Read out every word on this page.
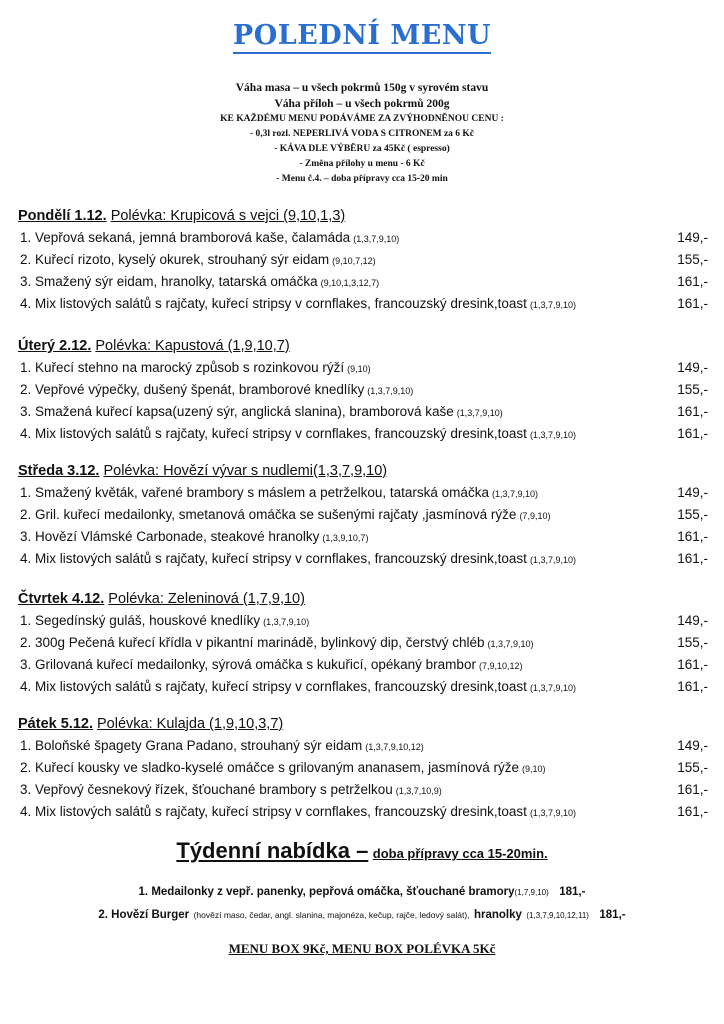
POLEDNÍ MENU
Váha masa – u všech pokrmů 150g v syrovém stavu
Váha příloh – u všech pokrmů 200g
KE KAŽDÉMU MENU PODÁVÁME ZA ZVÝHODNĚNOU CENU :
- 0,3l rozl. NEPERLIVÁ VODA S CITRONEM za 6 Kč
- KÁVA DLE VÝBĚRU za 45Kč ( espresso)
- Změna přílohy u menu - 6 Kč
- Menu č.4. – doba přípravy cca 15-20 min
Pondělí 1.12. Polévka: Krupicová s vejci (9,10,1,3)
1. Vepřová sekaná, jemná bramborová kaše, čalamáda (1,3,7,9,10)	149,-
2. Kuřecí rizoto, kyselý okurek, strouhaný sýr eidam (9,10,7,12)	155,-
3. Smažený sýr eidam, hranolky, tatarská omáčka (9,10,1,3,12,7)	161,-
4. Mix listových salátů s rajčaty, kuřecí stripsy v cornflakes, francouzský dresink,toast (1,3,7,9,10)	161,-
Úterý 2.12. Polévka: Kapustová (1,9,10,7)
1. Kuřecí stehno na marocký způsob s rozinkovou rýží (9,10)	149,-
2. Vepřové výpečky, dušený špenát, bramborové knedlíky (1,3,7,9,10)	155,-
3. Smažená kuřecí kapsa(uzený sýr, anglická slanina), bramborová kaše (1,3,7,9,10)	161,-
4. Mix listových salátů s rajčaty, kuřecí stripsy v cornflakes, francouzský dresink,toast (1,3,7,9,10)	161,-
Středa 3.12. Polévka: Hovězí vývar s nudlemi(1,3,7,9,10)
1. Smažený květák, vařené brambory s máslem a petrželkou, tatarská omáčka (1,3,7,9,10)	149,-
2. Gril. kuřecí medailonky, smetanová omáčka se sušenými rajčaty ,jasmínová rýže (7,9,10)	155,-
3. Hovězí Vlámské Carbonade, steakové hranolky (1,3,9,10,7)	161,-
4. Mix listových salátů s rajčaty, kuřecí stripsy v cornflakes, francouzský dresink,toast (1,3,7,9,10)	161,-
Čtvrtek 4.12. Polévka: Zeleninová (1,7,9,10)
1. Segedínský guláš, houskové knedlíky (1,3,7,9,10)	149,-
2. 300g Pečená kuřecí křídla v pikantní marinádě, bylinkový dip, čerstvý chléb (1,3,7,9,10)	155,-
3. Grilovaná kuřecí medailonky, sýrová omáčka s kukuřicí, opékaný brambor (7,9,10,12)	161,-
4. Mix listových salátů s rajčaty, kuřecí stripsy v cornflakes, francouzský dresink,toast (1,3,7,9,10)	161,-
Pátek 5.12. Polévka: Kulajda (1,9,10,3,7)
1. Boloňské špagety Grana Padano, strouhaný sýr eidam (1,3,7,9,10,12)	149,-
2. Kuřecí kousky ve sladko-kyselé omáčce s grilovaným ananasem, jasmínová rýže (9,10)	155,-
3. Vepřový česnekový řízek, šťouchané brambory s petrželkou (1,3,7,10,9)	161,-
4. Mix listových salátů s rajčaty, kuřecí stripsy v cornflakes, francouzský dresink,toast (1,3,7,9,10)	161,-
Týdenní nabídka – doba přípravy cca 15-20min.
1. Medailonky z vepř. panenky, pepřová omáčka, šťouchané bramory(1,7,9,10) 181,-
2. Hovězí Burger (hovězí maso, čedar, angl. slanina, majonéza, kečup, rajče, ledový salát), hranolky (1,3,7,9,10,12,11) 181,-
MENU BOX 9Kč, MENU BOX POLÉVKA 5Kč
